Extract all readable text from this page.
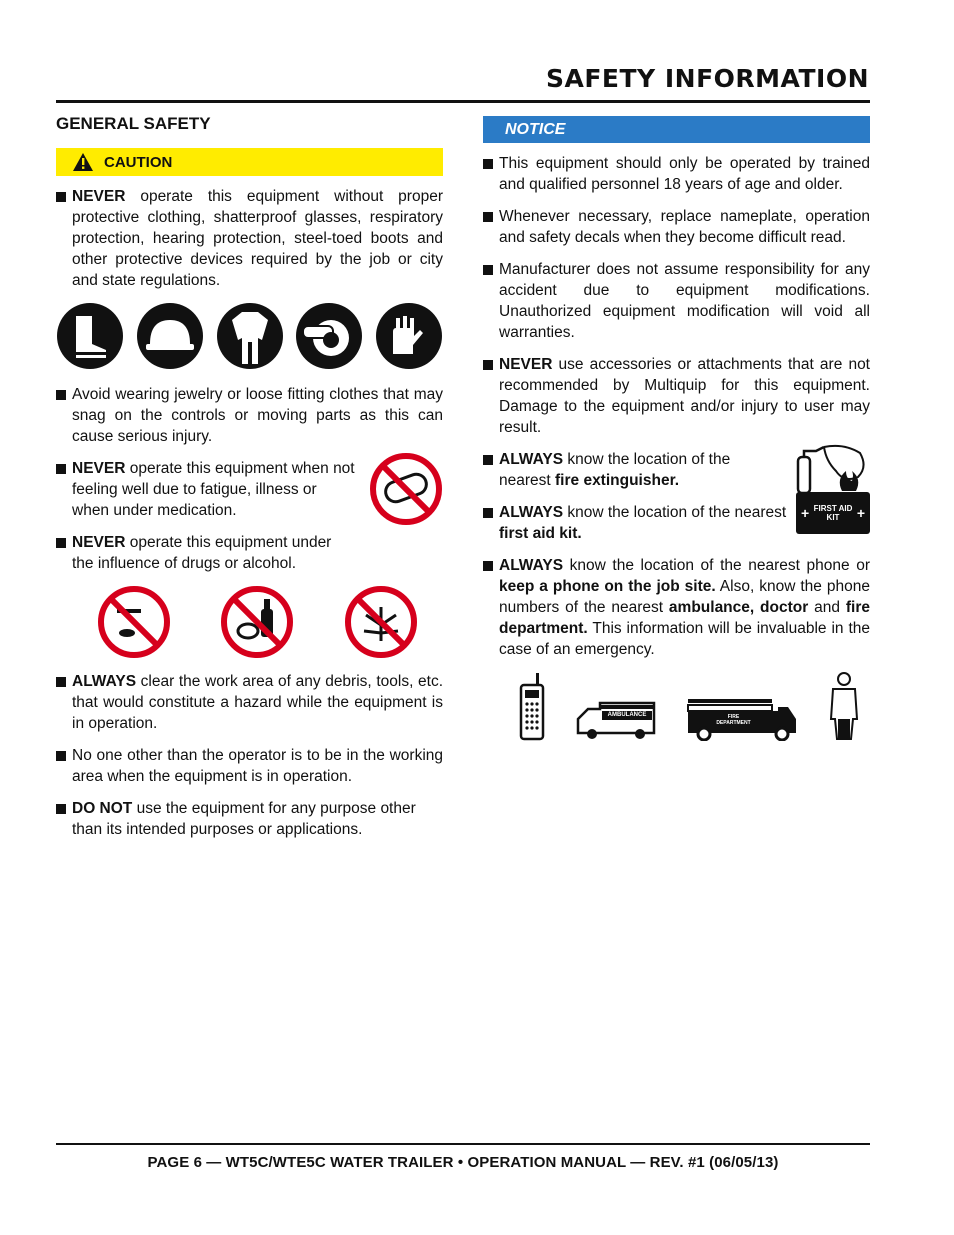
SAFETY INFORMATION
GENERAL SAFETY
CAUTION
NEVER operate this equipment without proper protective clothing, shatterproof glasses, respiratory protection, hearing protection, steel-toed boots and other protective devices required by the job or city and state regulations.
Avoid wearing jewelry or loose fitting clothes that may snag on the controls or moving parts as this can cause serious injury.
NEVER operate this equipment when not feeling well due to fatigue, illness or when under medication.
NEVER operate this equipment under the influence of drugs or alcohol.
ALWAYS clear the work area of any debris, tools, etc. that would constitute a hazard while the equipment is in operation.
No one other than the operator is to be in the working area when the equipment is in operation.
DO NOT use the equipment for any purpose other than its intended purposes or applications.
NOTICE
This equipment should only be operated by trained and qualified personnel 18 years of age and older.
Whenever necessary, replace nameplate, operation and safety decals when they become difficult read.
Manufacturer does not assume responsibility for any accident due to equipment modifications. Unauthorized equipment modification will void all warranties.
NEVER use accessories or attachments that are not recommended by Multiquip for this equipment. Damage to the equipment and/or injury to user may result.
ALWAYS know the location of the nearest fire extinguisher.
ALWAYS know the location of the nearest first aid kit.
+ FIRST AID
KIT	+
ALWAYS know the location of the nearest phone or keep a phone on the job site. Also, know the phone numbers of the nearest ambulance, doctor and fire department. This information will be invaluable in the case of an emergency.
AMBULANCE	FIRE
DEPARTMENT
PAGE 6 — WT5C/WTE5C WATER TRAILER • OPERATION MANUAL — REV. #1 (06/05/13)
